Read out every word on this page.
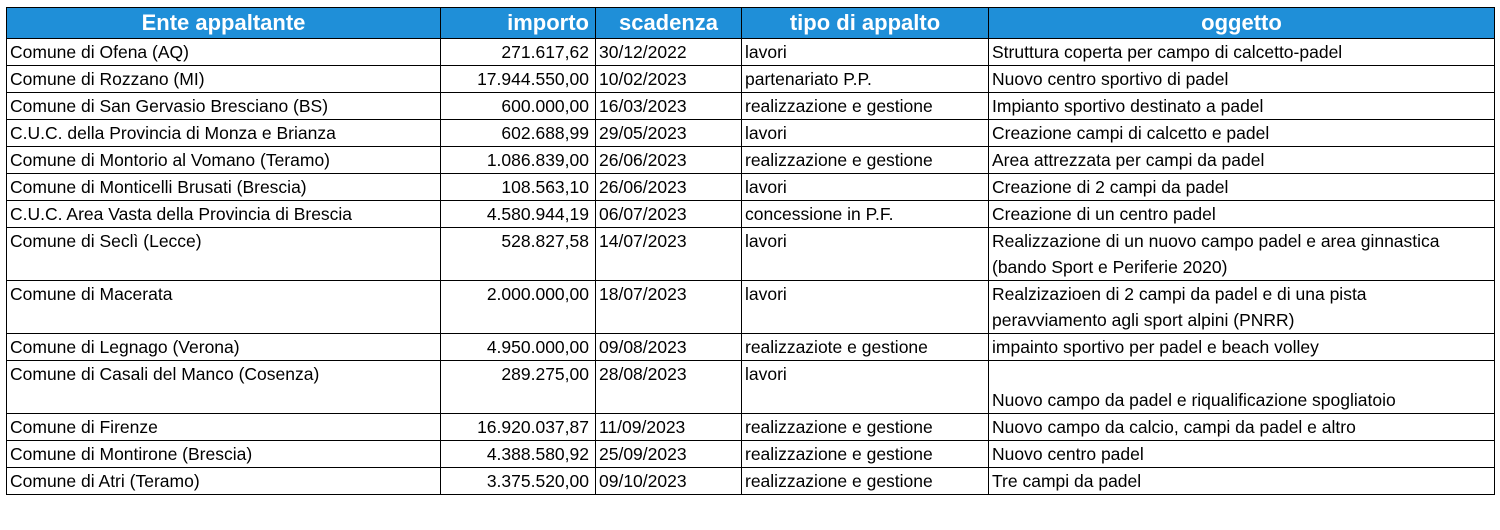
Ente appaltante	importo	scadenza	tipo di appalto	oggetto
Comune di Ofena (AQ)	271.617,62	30/12/2022	lavori	Struttura coperta per campo di calcetto-padel

Comune di Rozzano (MI)	17.944.550,00	10/02/2023	partenariato P.P.	Nuovo centro sportivo di padel

Comune di San Gervasio Bresciano (BS)	600.000,00	16/03/2023	realizzazione e gestione	Impianto sportivo destinato a padel

C.U.C. della Provincia di Monza e Brianza	602.688,99	29/05/2023	lavori	Creazione campi di calcetto e padel

Comune di Montorio al Vomano (Teramo)	1.086.839,00	26/06/2023	realizzazione e gestione	Area attrezzata per campi da padel

Comune di Monticelli Brusati (Brescia)	108.563,10	26/06/2023	lavori	Creazione di 2 campi da padel

C.U.C. Area Vasta della Provincia di Brescia	4.580.944,19	06/07/2023	concessione in P.F.	Creazione di un centro padel

Comune di Seclì (Lecce)	528.827,58	14/07/2023	lavori	Realizzazione di un nuovo campo padel e area ginnastica
(bando Sport e Periferie 2020)

Comune di Macerata	2.000.000,00	18/07/2023	lavori	Realzizazioen di 2 campi da padel e di una pista
peravviamento agli sport alpini (PNRR)

Comune di Legnago (Verona)	4.950.000,00	09/08/2023	realizzaziote e gestione	impainto sportivo per padel e beach volley

Comune di Casali del Manco (Cosenza)	289.275,00	28/08/2023	lavori	Nuovo campo da padel e riqualificazione spogliatoio

Comune di Firenze	16.920.037,87	11/09/2023	realizzazione e gestione	Nuovo campo da calcio, campi da padel e altro

Comune di Montirone (Brescia)	4.388.580,92	25/09/2023	realizzazione e gestione	Nuovo centro padel

Comune di Atri (Teramo)	3.375.520,00	09/10/2023	realizzazione e gestione	Tre campi da padel
